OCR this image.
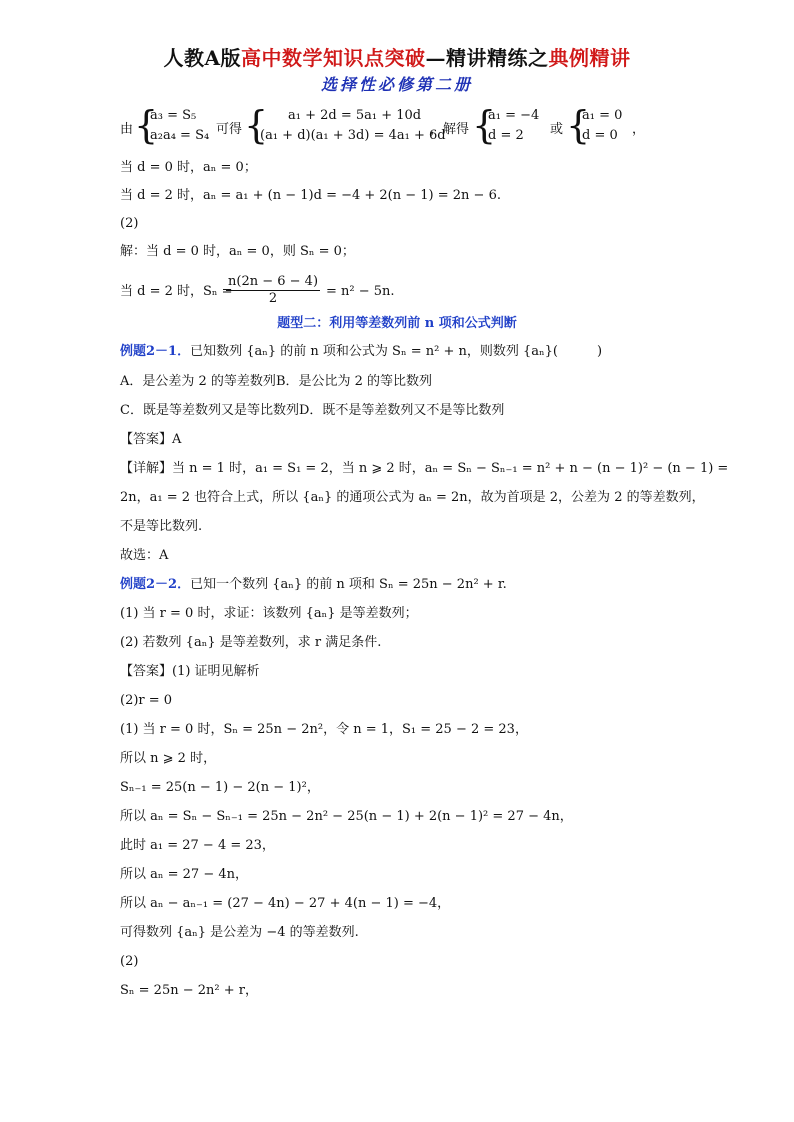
人教A版高中数学知识点突破—精讲精练之典例精讲
选择性必修第二册
由 {
a₃ = S₅
a₂a₄ = S₄ 可得 { a₁ + 2d = 5a₁ + 10d
(a₁ + d)(a₁ + 3d) = 4a₁ + 6d
，解得 {
a₁ = −4
d = 2 或 {
a₁ = 0
d = 0 ，
当 d = 0 时，aₙ = 0；
当 d = 2 时，aₙ = a₁ + (n − 1)d = −4 + 2(n − 1) = 2n − 6.
(2)
解：当 d = 0 时，aₙ = 0，则 Sₙ = 0；
当 d = 2 时，Sₙ =
$\frac{n(2n - 6 - 4)}{2} = n^2 - 5n$.
题型二：利用等差数列前 n 项和公式判断
例题2－1．已知数列 {aₙ} 的前 n 项和公式为 Sₙ = n² + n，则数列 {aₙ}(　　　)
A．是公差为 2 的等差数列B．是公比为 2 的等比数列
C．既是等差数列又是等比数列D．既不是等差数列又不是等比数列
【答案】A
【详解】当 n = 1 时，a₁ = S₁ = 2，当 n ⩾ 2 时，aₙ = Sₙ − Sₙ₋₁ = n² + n − (n − 1)² − (n − 1) =
2n，a₁ = 2 也符合上式，所以 {aₙ} 的通项公式为 aₙ = 2n，故为首项是 2，公差为 2 的等差数列，
不是等比数列.
故选：A
例题2－2．已知一个数列 {aₙ} 的前 n 项和 Sₙ = 25n − 2n² + r.
(1) 当 r = 0 时，求证：该数列 {aₙ} 是等差数列；
(2) 若数列 {aₙ} 是等差数列，求 r 满足条件.
【答案】(1) 证明见解析
(2)r = 0
(1) 当 r = 0 时，Sₙ = 25n − 2n²，令 n = 1，S₁ = 25 − 2 = 23，
所以 n ⩾ 2 时，
Sₙ₋₁ = 25(n − 1) − 2(n − 1)²，
所以 aₙ = Sₙ − Sₙ₋₁ = 25n − 2n² − 25(n − 1) + 2(n − 1)² = 27 − 4n，
此时 a₁ = 27 − 4 = 23，
所以 aₙ = 27 − 4n，
所以 aₙ − aₙ₋₁ = (27 − 4n) − 27 + 4(n − 1) = −4，
可得数列 {aₙ} 是公差为 −4 的等差数列.
(2)
Sₙ = 25n − 2n² + r，
